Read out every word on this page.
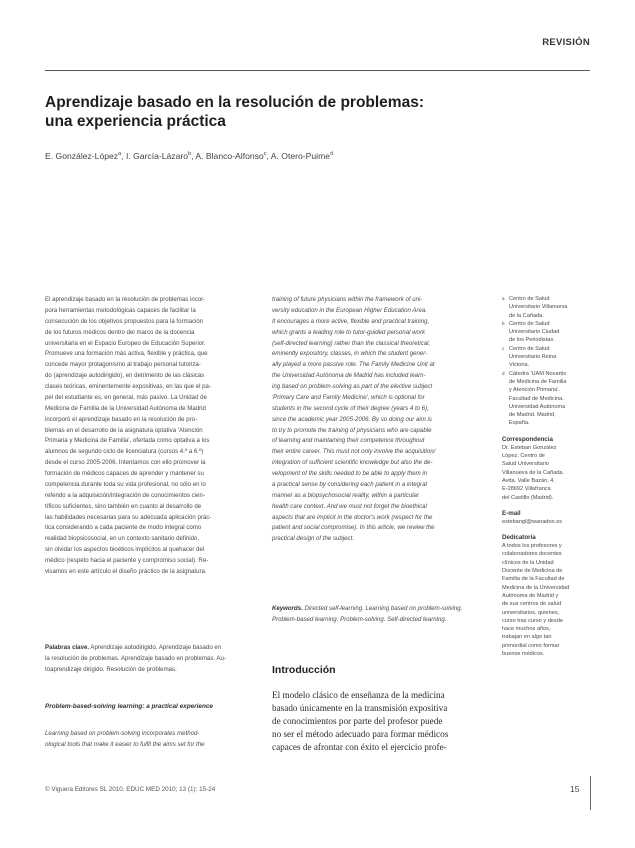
REVISIÓN
Aprendizaje basado en la resolución de problemas:
una experiencia práctica
E. González-López$^a$, I. García-Lázaro$^b$, A. Blanco-Alfonso$^c$, A. Otero-Puime$^d$
El aprendizaje basado en la resolución de problemas incor-
pora herramientas metodológicas capaces de facilitar la
consecución de los objetivos propuestos para la formación
de los futuros médicos dentro del marco de la docencia
universitaria en el Espacio Europeo de Educación Superior.
Promueve una formación más activa, flexible y práctica, que
concede mayor protagonismo al trabajo personal tutoriza-
do (aprendizaje autodirigido), en detrimento de las clásicas
clases teóricas, eminentemente expositivas, en las que el pa-
pel del estudiante es, en general, más pasivo. La Unidad de
Medicina de Familia de la Universidad Autónoma de Madrid
incorporó el aprendizaje basado en la resolución de pro-
blemas en el desarrollo de la asignatura optativa 'Atención
Primaria y Medicina de Familia', ofertada como optativa a los
alumnos de segundo ciclo de licenciatura (cursos 4.º a 6.º)
desde el curso 2005-2006. Intentamos con ello promover la
formación de médicos capaces de aprender y mantener su
competencia durante toda su vida profesional, no sólo en lo
referido a la adquisición/integración de conocimientos cien-
tíficos suficientes, sino también en cuanto al desarrollo de
las habilidades necesarias para su adecuada aplicación prác-
tica considerando a cada paciente de modo integral como
realidad biopsicosocial, en un contexto sanitario definido,
sin olvidar los aspectos bioéticos implícitos al quehacer del
médico (respeto hacia el paciente y compromiso social). Re-
visamos en este artículo el diseño práctico de la asignatura.
Palabras clave. Aprendizaje autodirigido. Aprendizaje basado en
la resolución de problemas. Aprendizaje basado en problemas. Au-
toaprendizaje dirigido. Resolución de problemas.
Problem-based-solving learning: a practical experience
Learning based on problem-solving incorporates method-
ological tools that make it easier to fulfil the aims set for the
training of future physicians within the framework of uni-
versity education in the European Higher Education Area.
It encourages a more active, flexible and practical training,
which grants a leading role to tutor-guided personal work
(self-directed learning) rather than the classical theoretical,
eminently expository, classes, in which the student gener-
ally played a more passive role. The Family Medicine Unit at
the Universidad Autónoma de Madrid has included learn-
ing based on problem-solving as part of the elective subject
'Primary Care and Family Medicine', which is optional for
students in the second cycle of their degree (years 4 to 6),
since the academic year 2005-2006. By so doing our aim is
to try to promote the training of physicians who are capable
of learning and maintaining their competence throughout
their entire career. This must not only involve the acquisition/
integration of sufficient scientific knowledge but also the de-
velopment of the skills needed to be able to apply them in
a practical sense by considering each patient in a integral
manner as a biopsychosocial reality, within a particular
health care context. And we must not forget the bioethical
aspects that are implicit in the doctor's work (respect for the
patient and social compromise). In this article, we review the
practical design of the subject.
Keywords. Directed self-learning. Learning based on problem-solving.
Problem-based learning. Problem-solving. Self-directed learning.
Introducción
El modelo clásico de enseñanza de la medicina
basado únicamente en la transmisión expositiva
de conocimientos por parte del profesor puede
no ser el método adecuado para formar médicos
capaces de afrontar con éxito el ejercicio profe-
a Centro de Salud
Universitario Villanueva
de la Cañada.
b Centro de Salud
Universitario Ciudad
de los Periodistas.
c Centro de Salud
Universitario Reina
Victoria.
d Cátedra 'UAM Novartis
de Medicina de Familia
y Atención Primaria'.
Facultad de Medicina.
Universidad Autónoma
de Madrid. Madrid,
España.
Correspondencia
Dr. Esteban González
López. Centro de
Salud Universitario
Villanueva de la Cañada.
Avda. Valle Bazán, 4.
E-28692 Villafranca
del Castillo (Madrid).
E-mail
estebangl@wanadoo.es
Dedicatoria
A todos los profesores y
colaboradores docentes
clínicos de la Unidad
Docente de Medicina de
Familia de la Facultad de
Medicina de la Universidad
Autónoma de Madrid y
de sus centros de salud
universitarios, quienes,
curso tras curso y desde
hace muchos años,
trabajan en algo tan
primordial como formar
buenos médicos.
© Viguera Editores SL 2010. EDUC MED 2010; 13 (1): 15-24	15
